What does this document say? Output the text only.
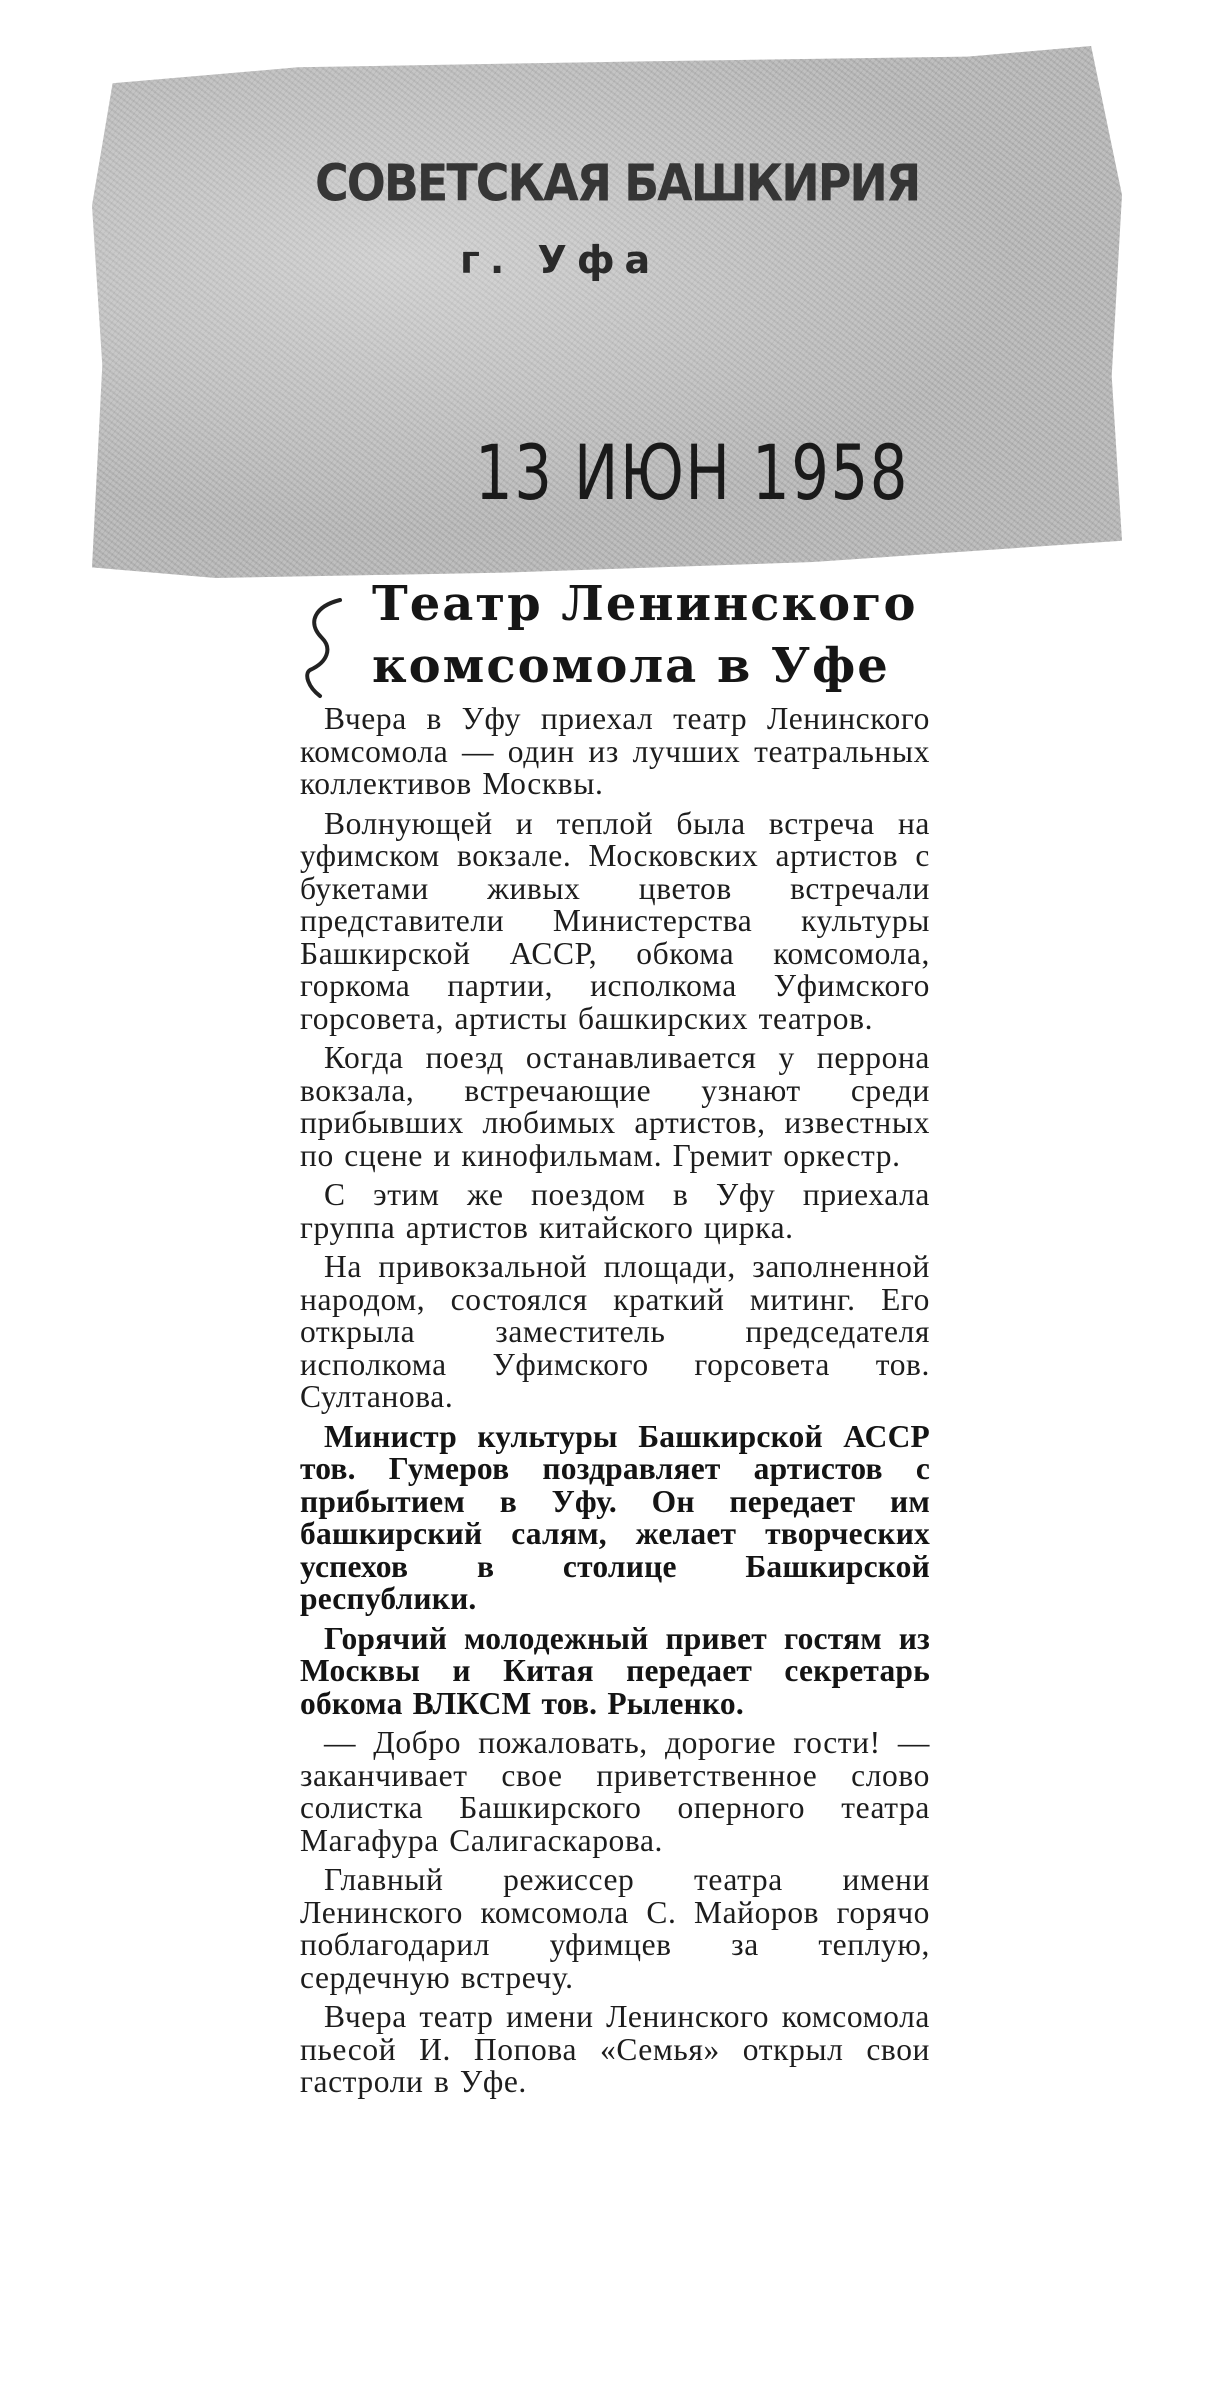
СОВЕТСКАЯ БАШКИРИЯ
г. Уфа
13 ИЮН 1958
Театр Ленинского
комсомола в Уфе

Вчера в Уфу приехал театр Ленинского комсомола — один из лучших театральных коллективов Москвы.

Волнующей и теплой была встреча на уфимском вокзале. Московских артистов с букетами живых цветов встречали представители Министерства культуры Башкирской АССР, обкома комсомола, горкома партии, исполкома Уфимского горсовета, артисты башкирских театров.

Когда поезд останавливается у перрона вокзала, встречающие узнают среди прибывших любимых артистов, известных по сцене и кинофильмам. Гремит оркестр.

С этим же поездом в Уфу приехала группа артистов китайского цирка.

На привокзальной площади, заполненной народом, состоялся краткий митинг. Его открыла заместитель председателя исполкома Уфимского горсовета тов. Султанова.

Министр культуры Башкирской АССР тов. Гумеров поздравляет артистов с прибытием в Уфу. Он передает им башкирский салям, желает творческих успехов в столице Башкирской республики.

Горячий молодежный привет гостям из Москвы и Китая передает секретарь обкома ВЛКСМ тов. Рыленко.

— Добро пожаловать, дорогие гости! — заканчивает свое приветственное слово солистка Башкирского оперного театра Магафура Салигаскарова.

Главный режиссер театра имени Ленинского комсомола С. Майоров горячо поблагодарил уфимцев за теплую, сердечную встречу.

Вчера театр имени Ленинского комсомола пьесой И. Попова «Семья» открыл свои гастроли в Уфе.
